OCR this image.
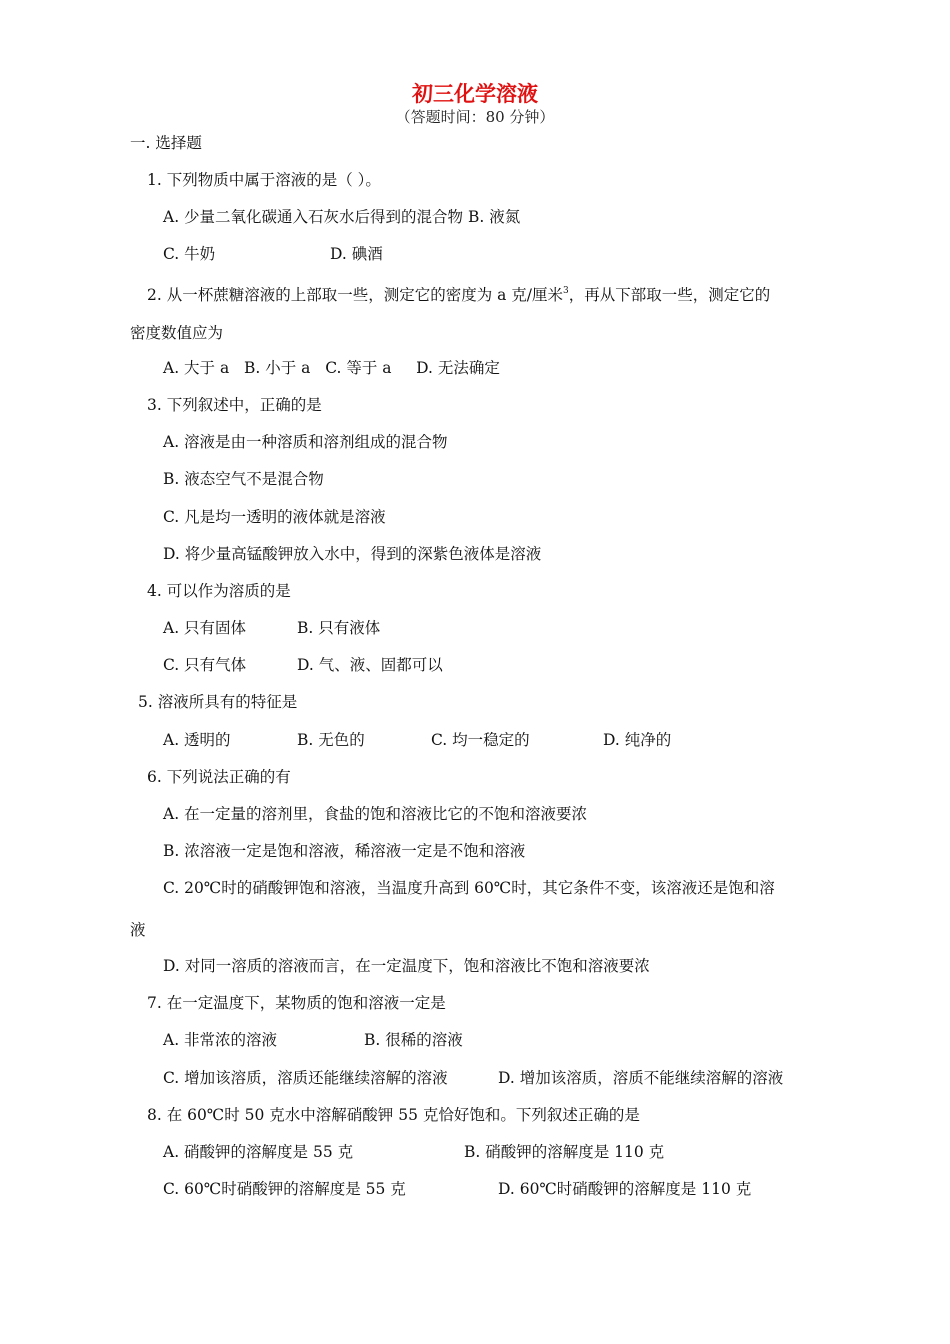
初三化学溶液
（答题时间：80 分钟）
一. 选择题
1. 下列物质中属于溶液的是（ ）。
A. 少量二氧化碳通入石灰水后得到的混合物 B. 液氮
C. 牛奶	D. 碘酒
2. 从一杯蔗糖溶液的上部取一些，测定它的密度为 a 克/厘米$^3$，再从下部取一些，测定它的
密度数值应为
A. 大于 a   B. 小于 a   C. 等于 a     D. 无法确定
3. 下列叙述中，正确的是
A. 溶液是由一种溶质和溶剂组成的混合物
B. 液态空气不是混合物
C. 凡是均一透明的液体就是溶液
D. 将少量高锰酸钾放入水中，得到的深紫色液体是溶液
4. 可以作为溶质的是
A. 只有固体	B. 只有液体
C. 只有气体	D. 气、液、固都可以
5. 溶液所具有的特征是
A. 透明的	B. 无色的	C. 均一稳定的	D. 纯净的
6. 下列说法正确的有
A. 在一定量的溶剂里，食盐的饱和溶液比它的不饱和溶液要浓
B. 浓溶液一定是饱和溶液，稀溶液一定是不饱和溶液
C. 20℃时的硝酸钾饱和溶液，当温度升高到 60℃时，其它条件不变，该溶液还是饱和溶
液
D. 对同一溶质的溶液而言，在一定温度下，饱和溶液比不饱和溶液要浓
7. 在一定温度下，某物质的饱和溶液一定是
A. 非常浓的溶液	B. 很稀的溶液
C. 增加该溶质，溶质还能继续溶解的溶液	D. 增加该溶质，溶质不能继续溶解的溶液
8. 在 60℃时 50 克水中溶解硝酸钾 55 克恰好饱和。下列叙述正确的是
A. 硝酸钾的溶解度是 55 克	B. 硝酸钾的溶解度是 110 克
C. 60℃时硝酸钾的溶解度是 55 克	D. 60℃时硝酸钾的溶解度是 110 克
